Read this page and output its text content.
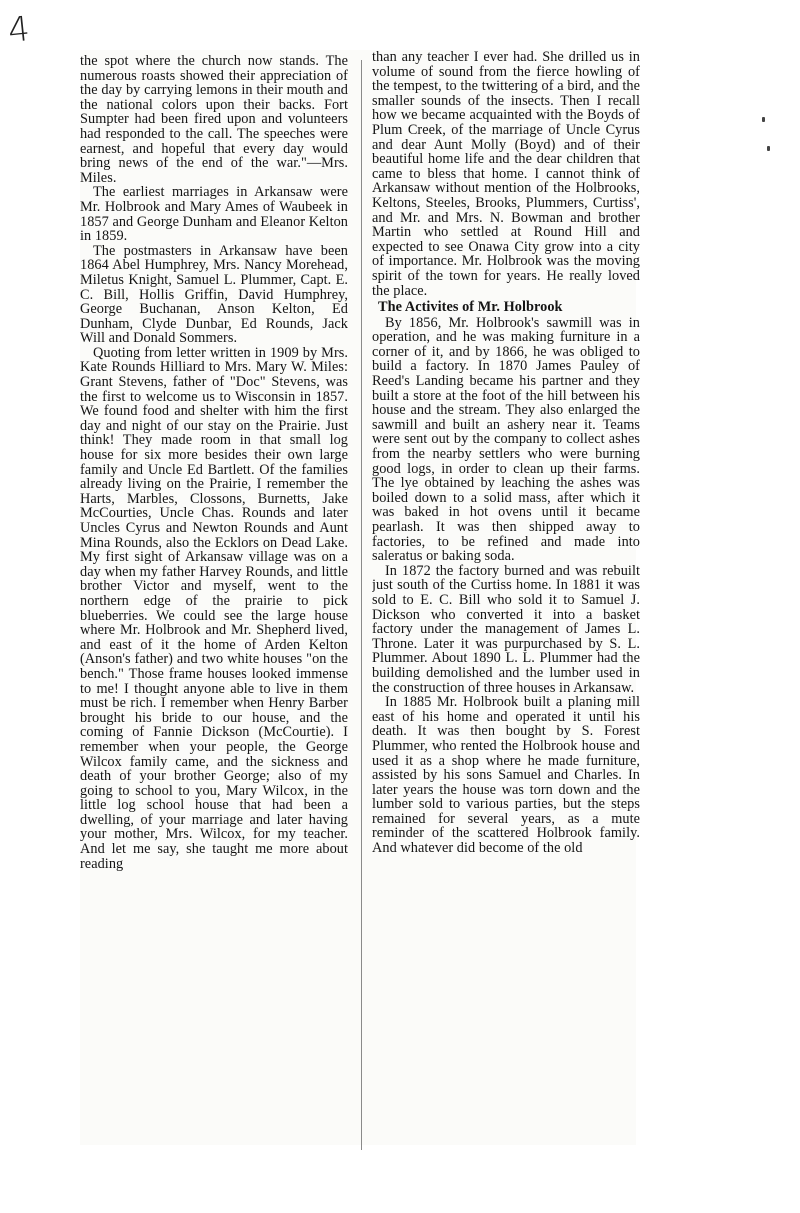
4

the spot where the church now stands. The numerous roasts showed their appreciation of the day by carrying lemons in their mouth and the national colors upon their backs. Fort Sumpter had been fired upon and volunteers had responded to the call. The speeches were earnest, and hopeful that every day would bring news of the end of the war."—Mrs. Miles.

The earliest marriages in Arkansaw were Mr. Holbrook and Mary Ames of Waubeek in 1857 and George Dunham and Eleanor Kelton in 1859.

The postmasters in Arkansaw have been 1864 Abel Humphrey, Mrs. Nancy Morehead, Miletus Knight, Samuel L. Plummer, Capt. E. C. Bill, Hollis Griffin, David Humphrey, George Buchanan, Anson Kelton, Ed Dunham, Clyde Dunbar, Ed Rounds, Jack Will and Donald Sommers.

Quoting from letter written in 1909 by Mrs. Kate Rounds Hilliard to Mrs. Mary W. Miles: Grant Stevens, father of "Doc" Stevens, was the first to welcome us to Wisconsin in 1857. We found food and shelter with him the first day and night of our stay on the Prairie. Just think! They made room in that small log house for six more besides their own large family and Uncle Ed Bartlett. Of the families already living on the Prairie, I remember the Harts, Marbles, Clossons, Burnetts, Jake McCourties, Uncle Chas. Rounds and later Uncles Cyrus and Newton Rounds and Aunt Mina Rounds, also the Ecklors on Dead Lake. My first sight of Arkansaw village was on a day when my father Harvey Rounds, and little brother Victor and myself, went to the northern edge of the prairie to pick blueberries. We could see the large house where Mr. Holbrook and Mr. Shepherd lived, and east of it the home of Arden Kelton (Anson's father) and two white houses "on the bench." Those frame houses looked immense to me! I thought anyone able to live in them must be rich. I remember when Henry Barber brought his bride to our house, and the coming of Fannie Dickson (McCourtie). I remember when your people, the George Wilcox family came, and the sickness and death of your brother George; also of my going to school to you, Mary Wilcox, in the little log school house that had been a dwelling, of your marriage and later having your mother, Mrs. Wilcox, for my teacher. And let me say, she taught me more about reading

than any teacher I ever had. She drilled us in volume of sound from the fierce howling of the tempest, to the twittering of a bird, and the smaller sounds of the insects. Then I recall how we became acquainted with the Boyds of Plum Creek, of the marriage of Uncle Cyrus and dear Aunt Molly (Boyd) and of their beautiful home life and the dear children that came to bless that home. I cannot think of Arkansaw without mention of the Holbrooks, Keltons, Steeles, Brooks, Plummers, Curtiss', and Mr. and Mrs. N. Bowman and brother Martin who settled at Round Hill and expected to see Onawa City grow into a city of importance. Mr. Holbrook was the moving spirit of the town for years. He really loved the place.

The Activites of Mr. Holbrook

By 1856, Mr. Holbrook's sawmill was in operation, and he was making furniture in a corner of it, and by 1866, he was obliged to build a factory. In 1870 James Pauley of Reed's Landing became his partner and they built a store at the foot of the hill between his house and the stream. They also enlarged the sawmill and built an ashery near it. Teams were sent out by the company to collect ashes from the nearby settlers who were burning good logs, in order to clean up their farms. The lye obtained by leaching the ashes was boiled down to a solid mass, after which it was baked in hot ovens until it became pearlash. It was then shipped away to factories, to be refined and made into saleratus or baking soda.

In 1872 the factory burned and was rebuilt just south of the Curtiss home. In 1881 it was sold to E. C. Bill who sold it to Samuel J. Dickson who converted it into a basket factory under the management of James L. Throne. Later it was purpurchased by S. L. Plummer. About 1890 L. L. Plummer had the building demolished and the lumber used in the construction of three houses in Arkansaw.

In 1885 Mr. Holbrook built a planing mill east of his home and operated it until his death. It was then bought by S. Forest Plummer, who rented the Holbrook house and used it as a shop where he made furniture, assisted by his sons Samuel and Charles. In later years the house was torn down and the lumber sold to various parties, but the steps remained for several years, as a mute reminder of the scattered Holbrook family. And whatever did become of the old
